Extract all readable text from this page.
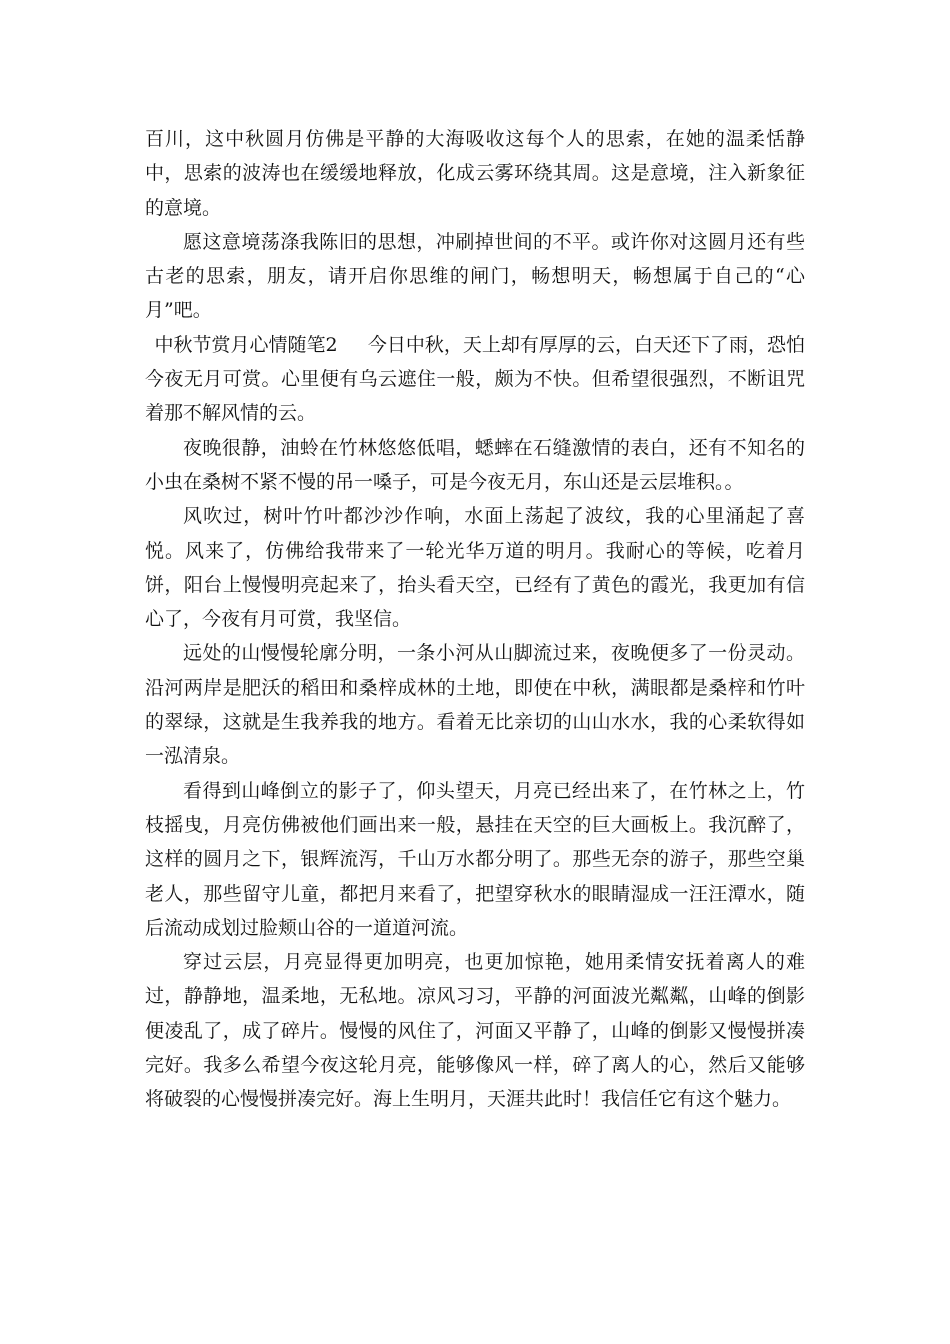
百川，这中秋圆月仿佛是平静的大海吸收这每个人的思索，在她的温柔恬静中，思索的波涛也在缓缓地释放，化成云雾环绕其周。这是意境，注入新象征的意境。

愿这意境荡涤我陈旧的思想，冲刷掉世间的不平。或许你对这圆月还有些古老的思索，朋友，请开启你思维的闸门，畅想明天，畅想属于自己的“心月”吧。

中秋节赏月心情随笔2 今日中秋，天上却有厚厚的云，白天还下了雨，恐怕今夜无月可赏。心里便有乌云遮住一般，颇为不快。但希望很强烈，不断诅咒着那不解风情的云。

夜晚很静，油蛉在竹林悠悠低唱，蟋蟀在石缝激情的表白，还有不知名的小虫在桑树不紧不慢的吊一嗓子，可是今夜无月，东山还是云层堆积。。

风吹过，树叶竹叶都沙沙作响，水面上荡起了波纹，我的心里涌起了喜悦。风来了，仿佛给我带来了一轮光华万道的明月。我耐心的等候，吃着月饼，阳台上慢慢明亮起来了，抬头看天空，已经有了黄色的霞光，我更加有信心了，今夜有月可赏，我坚信。

远处的山慢慢轮廓分明，一条小河从山脚流过来，夜晚便多了一份灵动。沿河两岸是肥沃的稻田和桑梓成林的土地，即使在中秋，满眼都是桑梓和竹叶的翠绿，这就是生我养我的地方。看着无比亲切的山山水水，我的心柔软得如一泓清泉。

看得到山峰倒立的影子了，仰头望天，月亮已经出来了，在竹林之上，竹枝摇曳，月亮仿佛被他们画出来一般，悬挂在天空的巨大画板上。我沉醉了，这样的圆月之下，银辉流泻，千山万水都分明了。那些无奈的游子，那些空巢老人，那些留守儿童，都把月来看了，把望穿秋水的眼睛湿成一汪汪潭水，随后流动成划过脸颊山谷的一道道河流。

穿过云层，月亮显得更加明亮，也更加惊艳，她用柔情安抚着离人的难过，静静地，温柔地，无私地。凉风习习，平静的河面波光粼粼，山峰的倒影便凌乱了，成了碎片。慢慢的风住了，河面又平静了，山峰的倒影又慢慢拼凑完好。我多么希望今夜这轮月亮，能够像风一样，碎了离人的心，然后又能够将破裂的心慢慢拼凑完好。海上生明月，天涯共此时！我信任它有这个魅力。
